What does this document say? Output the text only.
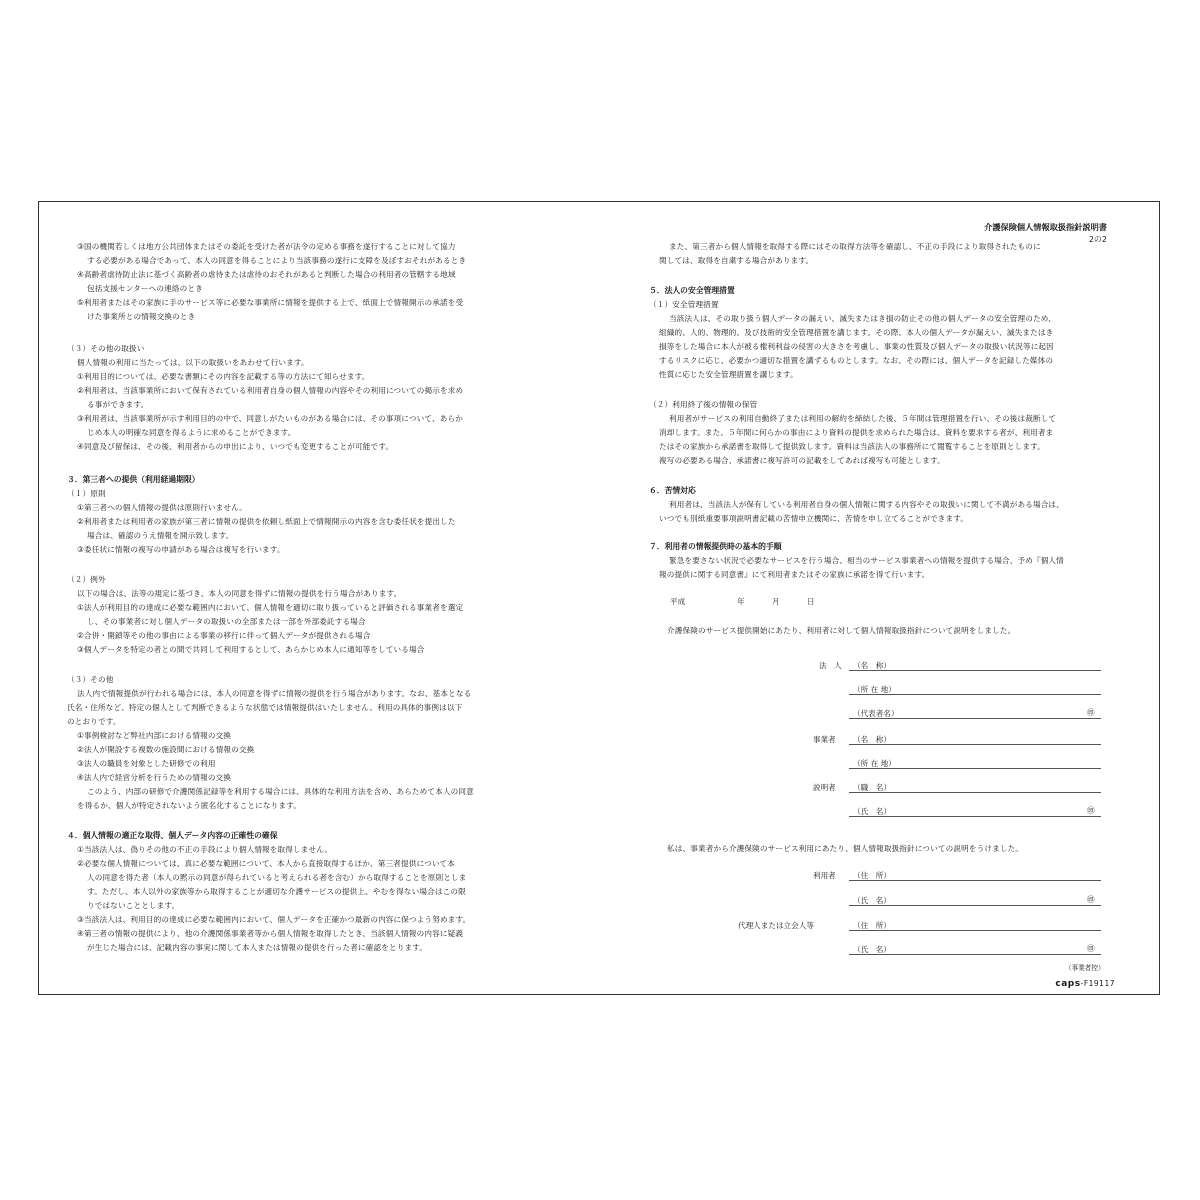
介護保険個人情報取扱指針説明書
2の2
③国の機関若しくは地方公共団体またはその委託を受けた者が法令の定める事務を遂行することに対して協力
する必要がある場合であって、本人の同意を得ることにより当該事務の遂行に支障を及ぼすおそれがあるとき
④高齢者虐待防止法に基づく高齢者の虐待または虐待のおそれがあると判断した場合の利用者の管轄する地域
包括支援センターへの連絡のとき
⑤利用者またはその家族に手のサービス等に必要な事業所に情報を提供する上で、紙面上で情報開示の承諾を受
けた事業所との情報交換のとき
（３）その他の取扱い
個人情報の利用に当たっては、以下の取扱いをあわせて行います。
①利用目的については、必要な書類にその内容を記載する等の方法にて知らせます。
②利用者は、当該事業所において保有されている利用者自身の個人情報の内容やその利用についての掲示を求め
る事ができます。
③利用者は、当該事業所が示す利用目的の中で、同意しがたいものがある場合には、その事項について、あらか
じめ本人の明確な同意を得るように求めることができます。
④同意及び留保は、その後、利用者からの申出により、いつでも変更することが可能です。
３．第三者への提供（利用経過期限）
（１）原則
①第三者への個人情報の提供は原則行いません。
②利用者または利用者の家族が第三者に情報の提供を依頼し紙面上で情報開示の内容を含む委任状を提出した
場合は、確認のうえ情報を開示致します。
③委任状に情報の複写の申請がある場合は複写を行います。
（２）例外
以下の場合は、法等の規定に基づき、本人の同意を得ずに情報の提供を行う場合があります。
①法人が利用目的の達成に必要な範囲内において、個人情報を適切に取り扱っていると評価される事業者を選定
し、その事業者に対し個人データの取扱いの全部または一部を外部委託する場合
②合併・開鎖等その他の事由による事業の移行に伴って個人データが提供される場合
③個人データを特定の者との間で共同して利用するとして、あらかじめ本人に通知等をしている場合
（３）その他
法人内で情報提供が行われる場合には、本人の同意を得ずに情報の提供を行う場合があります。なお、基本となる
氏名・住所など、特定の個人として判断できるような状態では情報提供はいたしません。利用の具体的事例は以下
のとおりです。
①事例検討など弊社内部における情報の交換
②法人が開設する複数の施設間における情報の交換
③法人の職員を対象とした研修での利用
④法人内で経営分析を行うための情報の交換
このよう、内部の研修で介護関係記録等を利用する場合には、具体的な利用方法を含め、あらためて本人の同意
を得るか、個人が特定されないよう匿名化することになります。
４．個人情報の適正な取得、個人データ内容の正確性の確保
①当該法人は、偽りその他の不正の手段により個人情報を取得しません。
②必要な個人情報については、真に必要な範囲について、本人から直接取得するほか、第三者提供について本
人の同意を得た者（本人の黙示の同意が得られていると考えられる者を含む）から取得することを原則としま
す。ただし、本人以外の家族等から取得することが適切な介護サービスの提供上、やむを得ない場合はこの限
りではないこととします。
③当該法人は、利用目的の達成に必要な範囲内において、個人データを正確かつ最新の内容に保つよう努めます。
④第三者の情報の提供により、他の介護関係事業者等から個人情報を取得したとき、当該個人情報の内容に疑義
が生じた場合には、記載内容の事実に関して本人または情報の提供を行った者に確認をとります。
また、第三者から個人情報を取得する際にはその取得方法等を確認し、不正の手段により取得されたものに
関しては、取得を自粛する場合があります。
５．法人の安全管理措置
（１）安全管理措置
当該法人は、その取り扱う個人データの漏えい、滅失またはき損の防止その他の個人データの安全管理のため、
組織的、人的、物理的、及び技術的安全管理措置を講じます。その際、本人の個人データが漏えい、滅失またはき
損等をした場合に本人が被る権利利益の侵害の大きさを考慮し、事業の性質及び個人データの取扱い状況等に起因
するリスクに応じ、必要かつ適切な措置を講ずるものとします。なお、その際には、個人データを記録した媒体の
性質に応じた安全管理措置を講じます。
（２）利用終了後の情報の保管
利用者がサービスの利用自動終了または利用の解約を締結した後、５年間は管理措置を行い、その後は裁断して
消却します。また、５年間に何らかの事由により資料の提供を求められた場合は、資料を要求する者が、利用者ま
たはその家族から承諾書を取得して提供致します。資料は当該法人の事務所にて閲覧することを原則とします。
複写の必要ある場合、承諾書に複写許可の記載をしてあれば複写も可能とします。
６．苦情対応
利用者は、当該法人が保有している利用者自身の個人情報に関する内容やその取扱いに関して不満がある場合は、
いつでも別紙重要事項説明書記載の苦情申立機関に、苦情を申し立てることができます。
７．利用者の情報提供時の基本的手順
緊急を要さない状況で必要なサービスを行う場合、相当のサービス事業者への情報を提供する場合、予め『個人情
報の提供に関する同意書』にて利用者またはその家族に承諾を得て行います。
平成	年	月	日
介護保険のサービス提供開始にあたり、利用者に対して個人情報取扱指針について説明をしました。
法　人 （名　称）
（所 在 地）
（代表者名）	㊞
事業者 （名　称）
（所 在 地）
説明者 （職　名）
（氏　名）	㊞
私は、事業者から介護保険のサービス利用にあたり、個人情報取扱指針についての説明をうけました。
利用者 （住　所）
（氏　名）	㊞
代理人または立会人等	（住　所）
（氏　名）	㊞
（事業者控）
caps-F19117
